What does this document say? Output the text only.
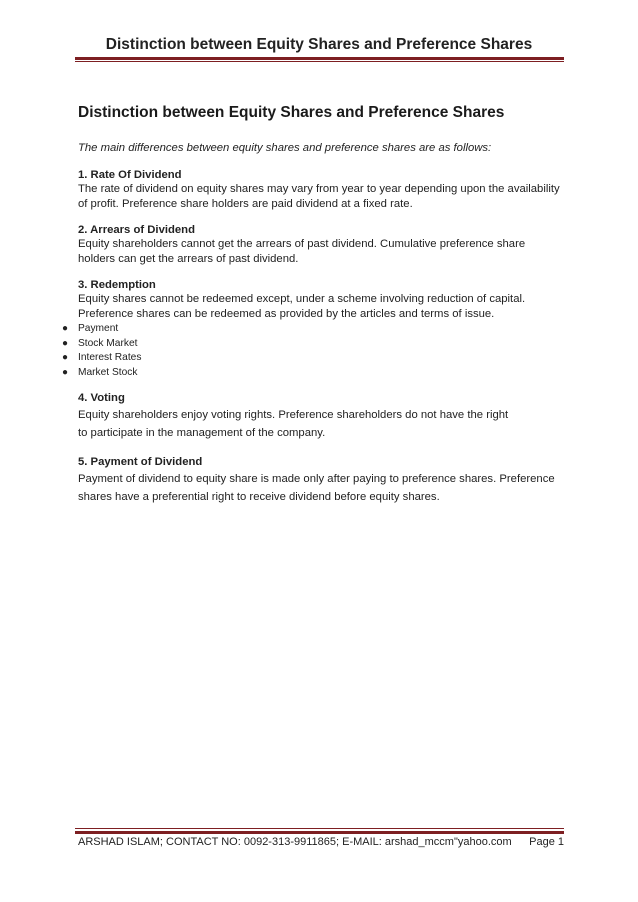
Distinction between Equity Shares and Preference Shares
Distinction between Equity Shares and Preference Shares

The main differences between equity shares and preference shares are as follows:

1. Rate Of Dividend

The rate of dividend on equity shares may vary from year to year depending upon the availability

of profit. Preference share holders are paid dividend at a fixed rate.

2. Arrears of Dividend

Equity shareholders cannot get the arrears of past dividend. Cumulative preference share

holders can get the arrears of past dividend.

3. Redemption

Equity shares cannot be redeemed except, under a scheme involving reduction of capital.

Preference shares can be redeemed as provided by the articles and terms of issue.

● Payment
● Stock Market
● Interest Rates
● Market Stock
4. Voting

Equity shareholders enjoy voting rights. Preference shareholders do not have the right

to participate in the management of the company.

5. Payment of Dividend

Payment of dividend to equity share is made only after paying to preference shares. Preference

shares have a preferential right to receive dividend before equity shares.

ARSHAD ISLAM; CONTACT NO: 0092-313-9911865; E-MAIL: arshad_mccm"yahoo.com Page 1
